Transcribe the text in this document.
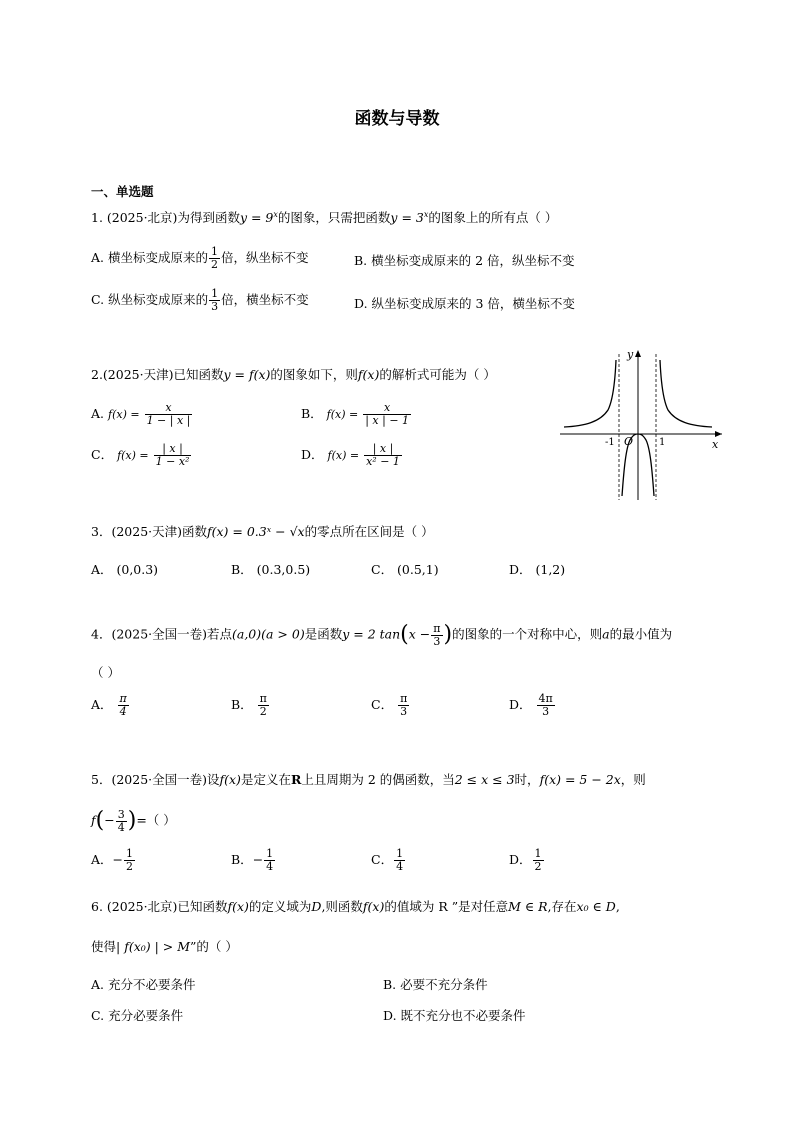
函数与导数
一、单选题
1. (2025·北京)为得到函数$y = 9^x$的图象，只需把函数$y = 3^x$的图象上的所有点（ ）
A. 横坐标变成原来的 $\frac{1}{2}$ 倍，纵坐标不变	B. 横坐标变成原来的 2 倍，纵坐标不变
C. 纵坐标变成原来的 $\frac{1}{3}$ 倍，横坐标不变	D. 纵坐标变成原来的 3 倍，横坐标不变
2.(2025·天津)已知函数y = f(x)的图象如下，则f(x)的解析式可能为（ ）
A. $f(x) = \frac{x}{1 - | x |}$	B． $f(x) = \frac{x}{| x | - 1}$
C． $f(x) = \frac{| x |}{\text{1 − x²}}$	D． $f(x) = \frac{| x |}{\text{x² − 1}}$
y
x
O
-1	1
3．(2025·天津)函数f(x) = 0.3ˣ − √x的零点所在区间是（ ）
A． (0,0.3)	B． (0.3,0.5)	C． (0.5,1)	D． (1,2)
4．(2025·全国一卷)若点(a,0)(a > 0)是函数y = 2 $\tan(x - \frac{\pi}{3}$ )的图象的一个对称中心，则a的最小值为
（ ）
A． $\frac{\pi}{4}$	B． $\frac{\pi}{2}$	C． $\frac{\pi}{3}$	D． $\frac{4\pi}{3}$
5．(2025·全国一卷)设f(x)是定义在R上且周期为 2 的偶函数，当2 ≤ x ≤ 3时，f(x) = 5 − 2x，则
$f(- \frac{3}{4}$ )=（ ）
A．− $\frac{1}{2}$	B．− $\frac{1}{4}$	C． $\frac{1}{4}$	D． $\frac{1}{2}$
6. (2025·北京)已知函数f(x)的定义域为D,则函数f(x)的值域为 R ”是对任意M ∈ R,存在x₀ ∈ D,
使得| f(x₀) | > M”的（ ）
A. 充分不必要条件	B. 必要不充分条件
C. 充分必要条件	D. 既不充分也不必要条件
